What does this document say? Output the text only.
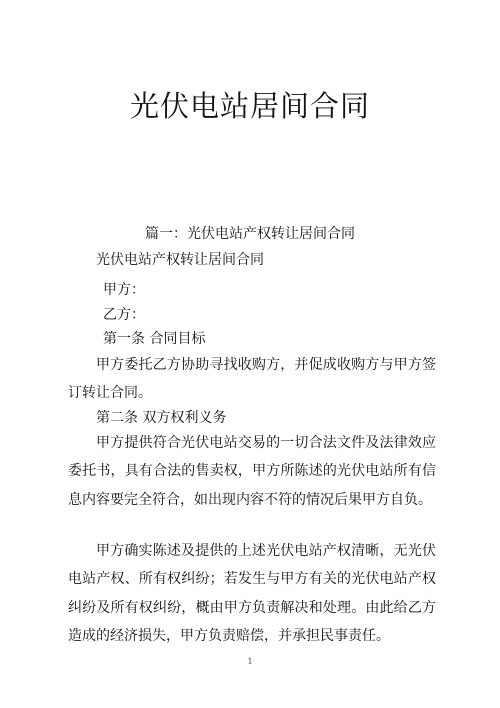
光伏电站居间合同
篇一：光伏电站产权转让居间合同
光伏电站产权转让居间合同
甲方：
乙方：
第一条 合同目标
甲方委托乙方协助寻找收购方，并促成收购方与甲方签订转让合同。
第二条 双方权利义务
甲方提供符合光伏电站交易的一切合法文件及法律效应委托书，具有合法的售卖权，甲方所陈述的光伏电站所有信息内容要完全符合，如出现内容不符的情况后果甲方自负。
甲方确实陈述及提供的上述光伏电站产权清晰，无光伏电站产权、所有权纠纷；若发生与甲方有关的光伏电站产权纠纷及所有权纠纷，概由甲方负责解决和处理。由此给乙方造成的经济损失，甲方负责赔偿，并承担民事责任。
1
